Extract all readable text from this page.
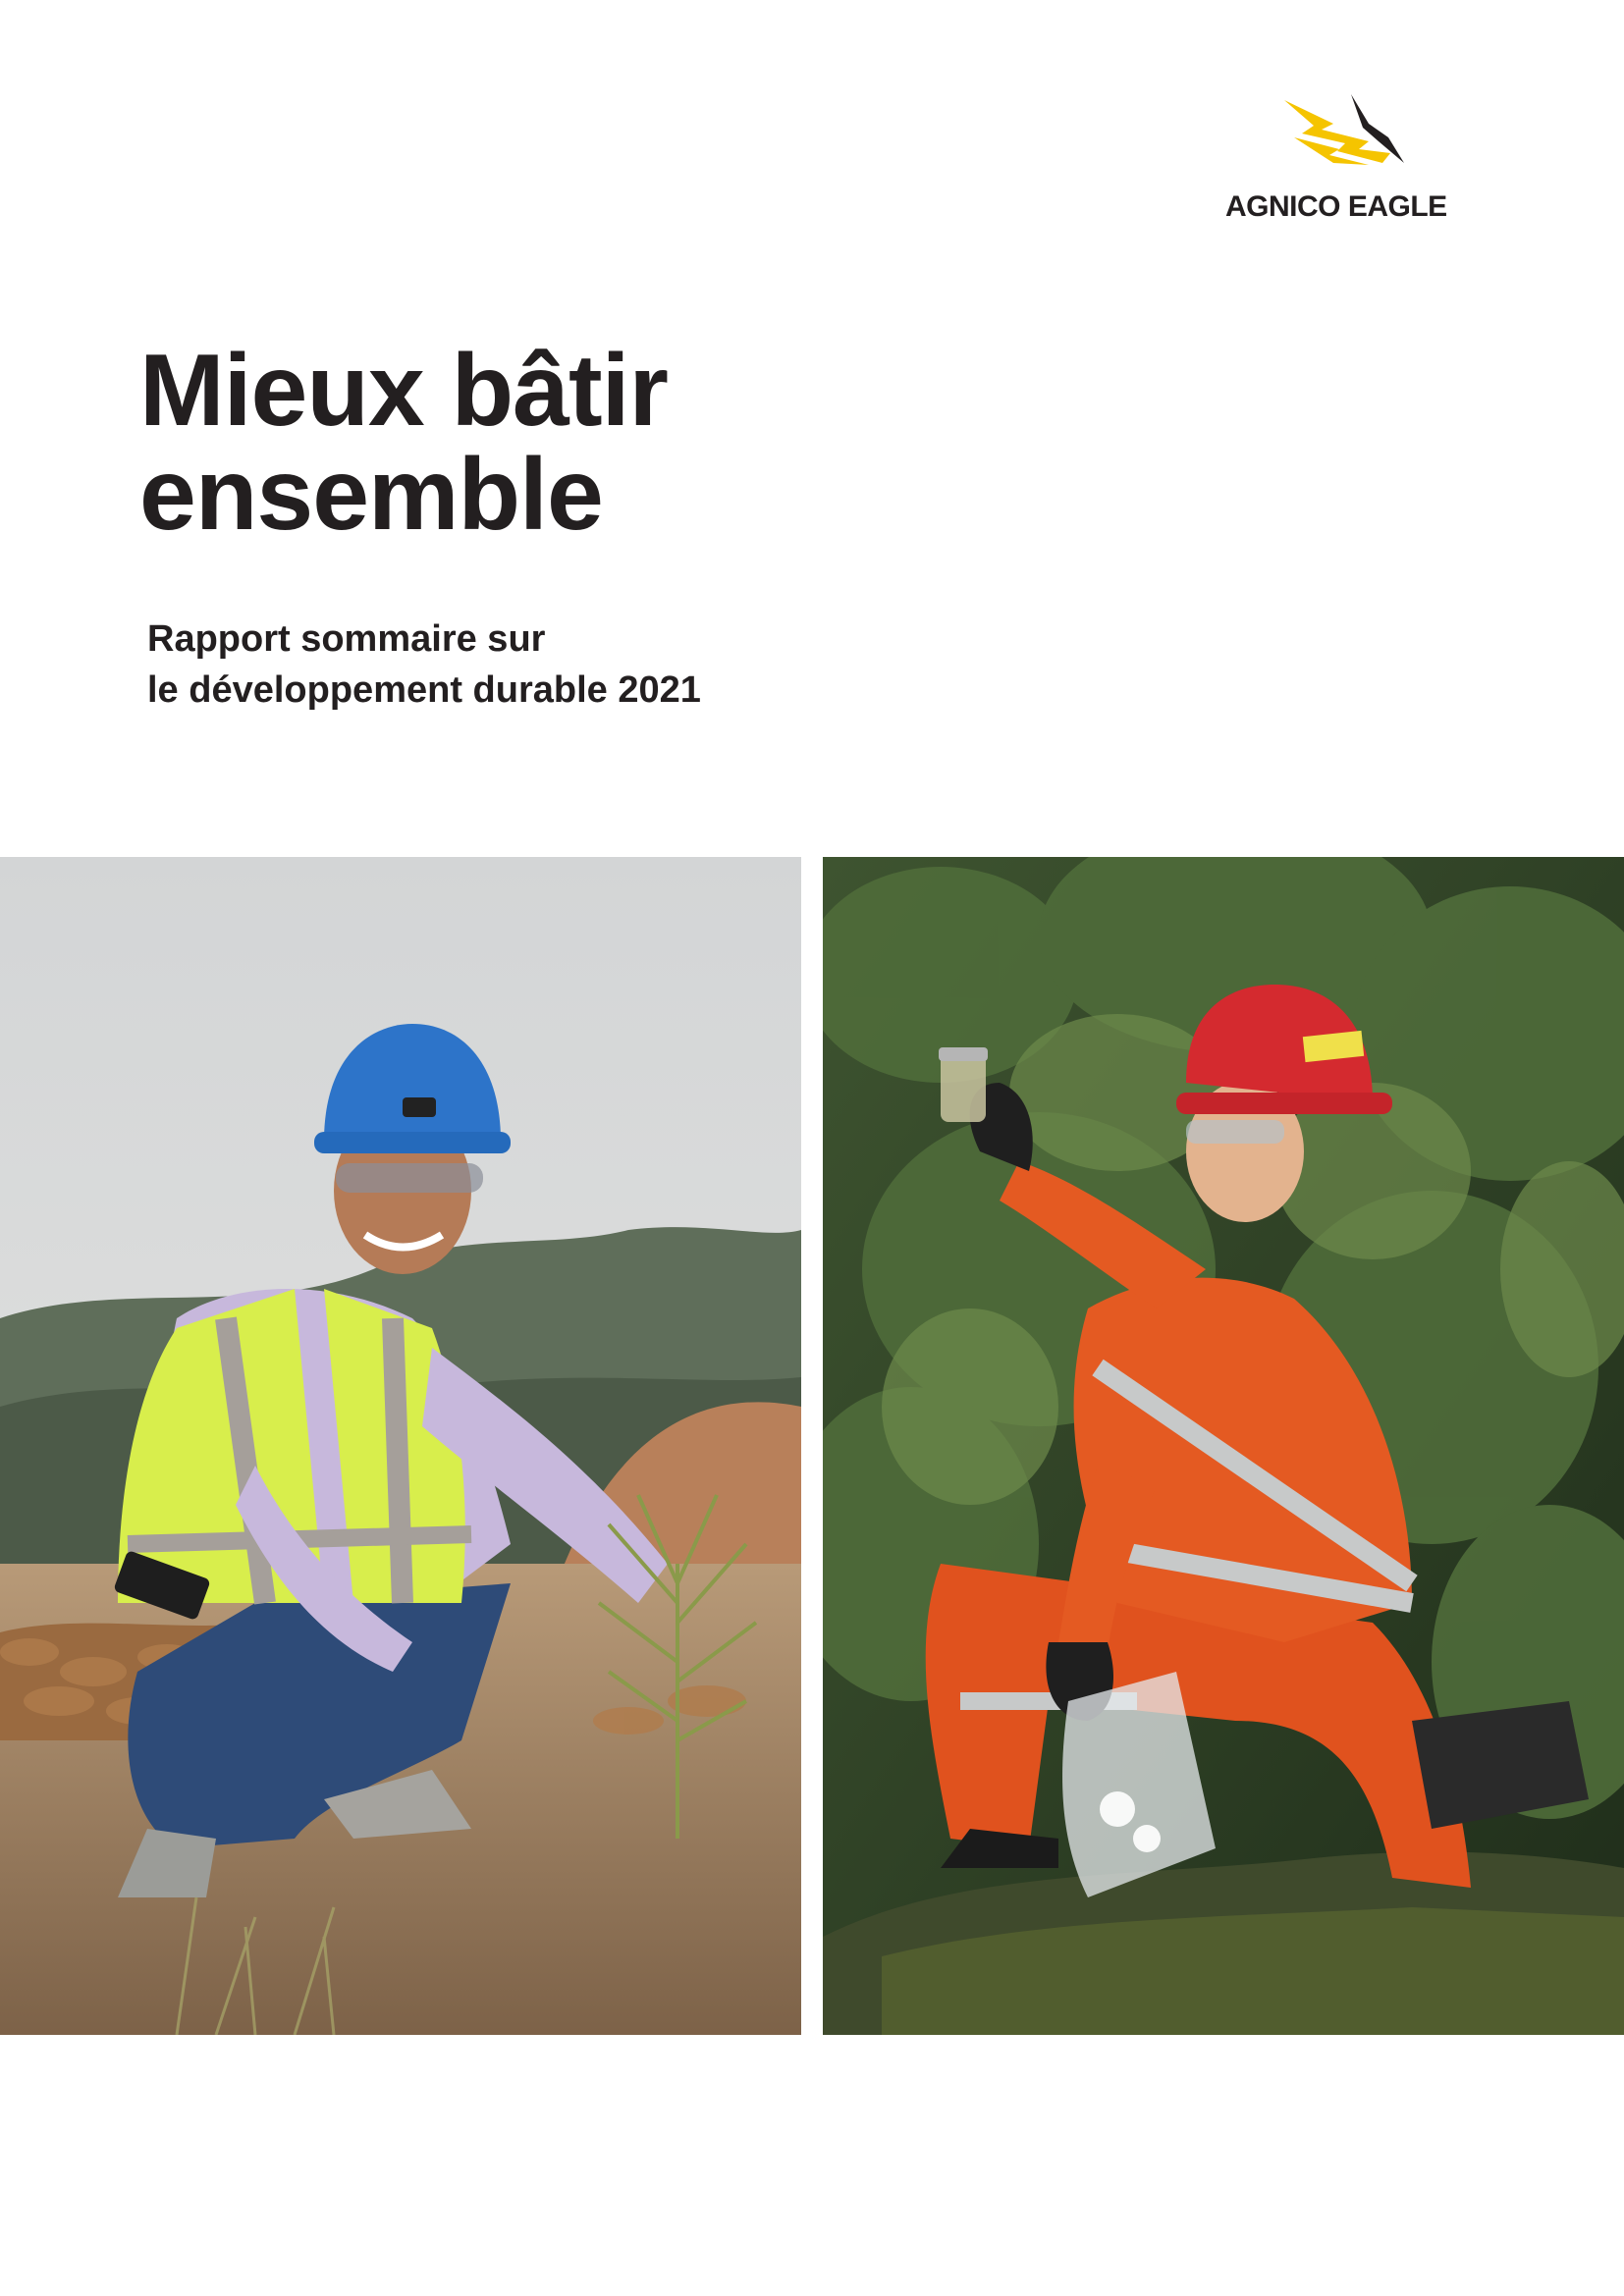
AGNICO EAGLE
Mieux bâtir
ensemble
Rapport sommaire sur
le développement durable 2021
